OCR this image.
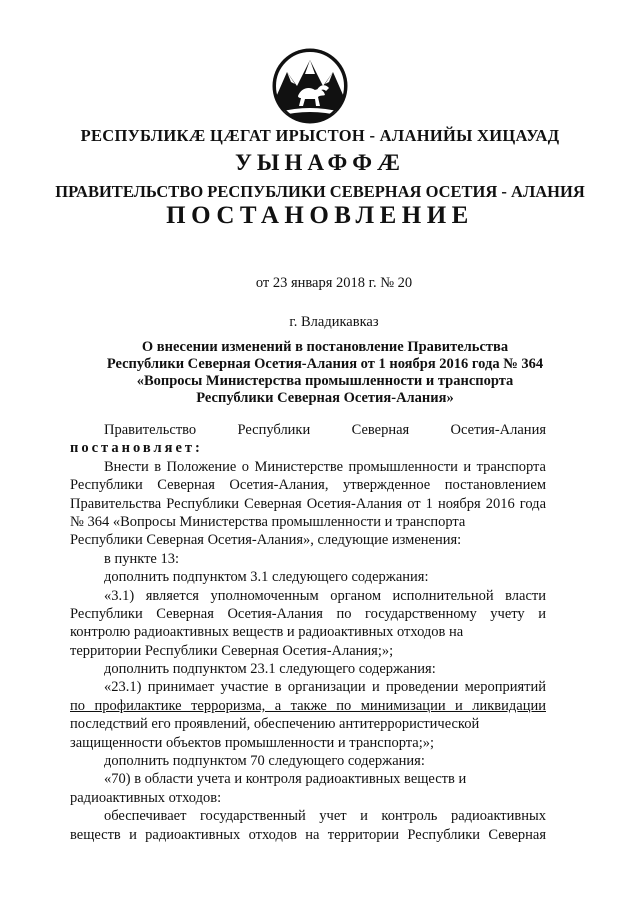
РЕСПУБЛИКÆ ЦÆГАТ ИРЫСТОН - АЛАНИЙЫ ХИЦАУАД
УЫНАФФÆ
ПРАВИТЕЛЬСТВО РЕСПУБЛИКИ СЕВЕРНАЯ ОСЕТИЯ - АЛАНИЯ
ПОСТАНОВЛЕНИЕ
от 23 января 2018 г. № 20
г. Владикавказ
О внесении изменений в постановление Правительства
Республики Северная Осетия-Алания от 1 ноября 2016 года № 364
«Вопросы Министерства промышленности и транспорта
Республики Северная Осетия-Алания»
Правительство	Республики	Северная	Осетия-Алания
постановляет:
Внести в Положение о Министерстве промышленности и транспорта
Республики Северная Осетия-Алания, утвержденное постановлением
Правительства Республики Северная Осетия-Алания от 1 ноября 2016 года
№ 364 «Вопросы Министерства промышленности и транспорта
Республики Северная Осетия-Алания», следующие изменения:
в пункте 13:
дополнить подпунктом 3.1 следующего содержания:
«3.1) является уполномоченным органом исполнительной власти
Республики Северная Осетия-Алания по государственному учету и
контролю радиоактивных веществ и радиоактивных отходов на
территории Республики Северная Осетия-Алания;»;
дополнить подпунктом 23.1 следующего содержания:
«23.1) принимает участие в организации и проведении мероприятий
по профилактике терроризма, а также по минимизации и ликвидации
последствий его проявлений, обеспечению антитеррористической
защищенности объектов промышленности и транспорта;»;
дополнить подпунктом 70 следующего содержания:
«70) в области учета и контроля радиоактивных веществ и
радиоактивных отходов:
обеспечивает государственный учет и контроль радиоактивных
веществ и радиоактивных отходов на территории Республики Северная
